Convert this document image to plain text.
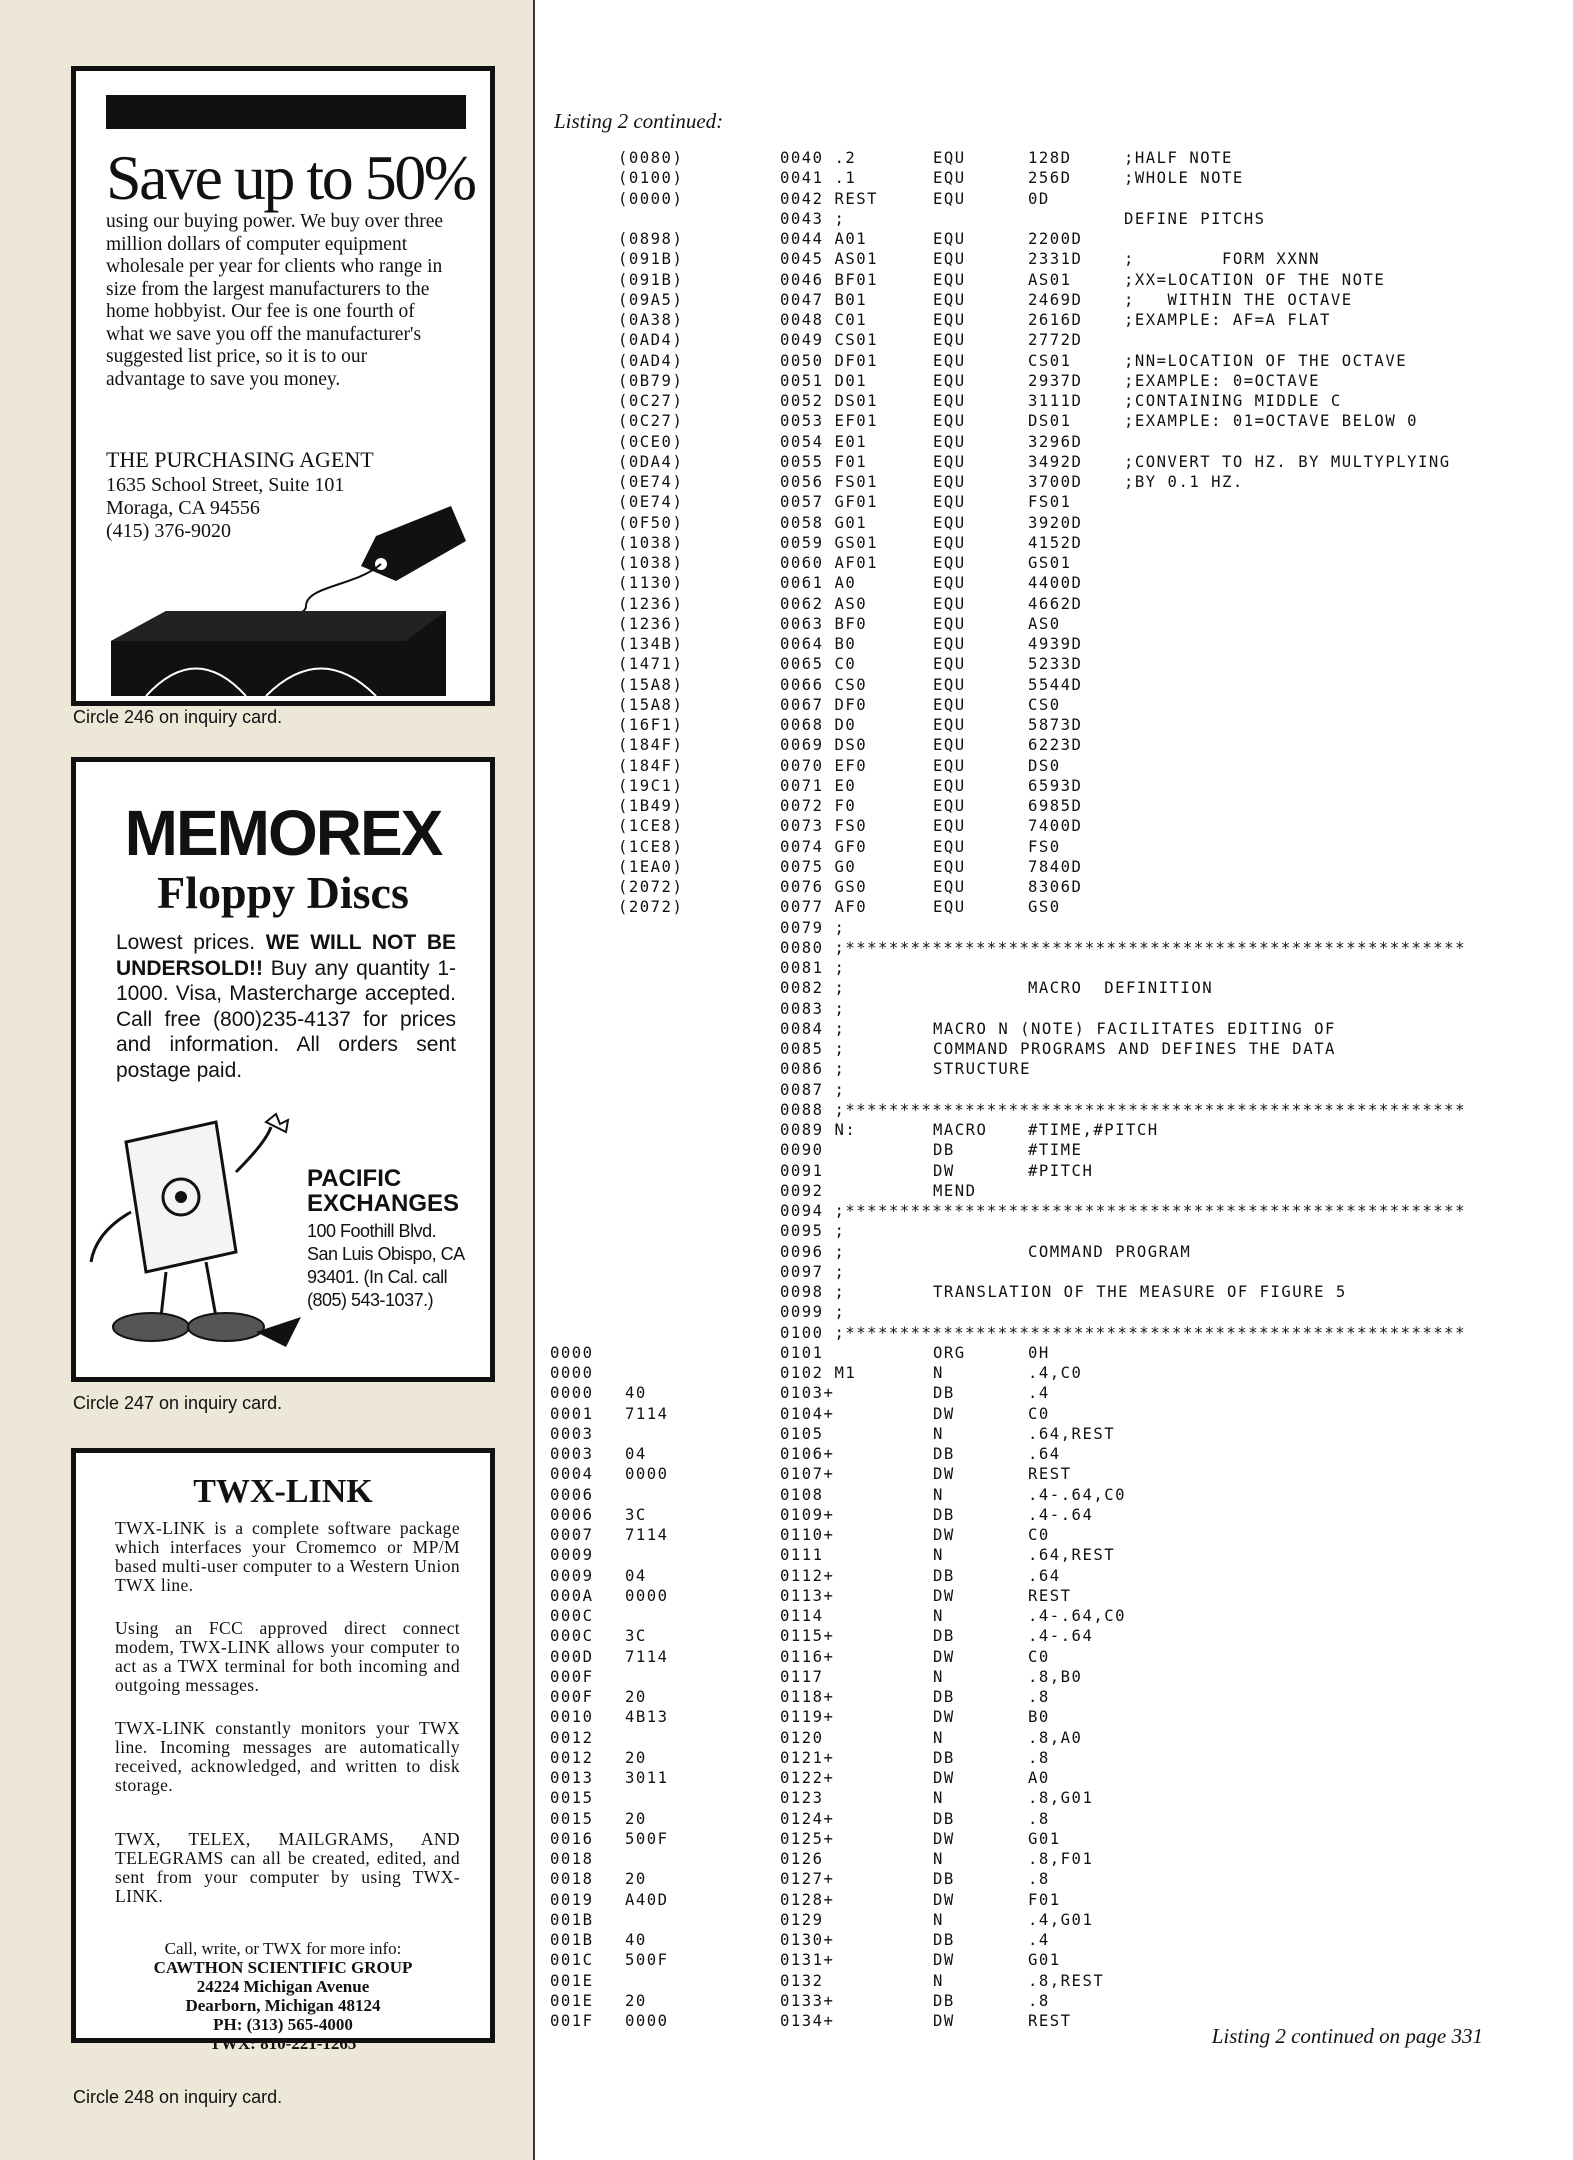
Save up to 50%
using our buying power. We buy over three million dollars of computer equipment wholesale per year for clients who range in size from the largest manufacturers to the home hobbyist. Our fee is one fourth of what we save you off the manufacturer's suggested list price, so it is to our advantage to save you money.
THE PURCHASING AGENT
1635 School Street, Suite 101
Moraga, CA 94556
(415) 376-9020
Circle 246 on inquiry card.
MEMOREX
Floppy Discs
Lowest prices. WE WILL NOT BE UNDERSOLD!! Buy any quantity 1-1000. Visa, Mastercharge accepted. Call free (800)235-4137 for prices and information. All orders sent postage paid.
PACIFIC
EXCHANGES
100 Foothill Blvd.
San Luis Obispo, CA
93401. (In Cal. call
(805) 543-1037.)
Circle 247 on inquiry card.
TWX-LINK
TWX-LINK is a complete software package which interfaces your Cromemco or MP/M based multi-user computer to a Western Union TWX line.
Using an FCC approved direct connect modem, TWX-LINK allows your computer to act as a TWX terminal for both incoming and outgoing messages.
TWX-LINK constantly monitors your TWX line. Incoming messages are automatically received, acknowledged, and written to disk storage.
TWX, TELEX, MAILGRAMS, AND TELEGRAMS can all be created, edited, and sent from your computer by using TWX-LINK.
Call, write, or TWX for more info:
CAWTHON SCIENTIFIC GROUP
24224 Michigan Avenue
Dearborn, Michigan 48124
PH: (313) 565-4000
TWX: 810-221-1265
Circle 248 on inquiry card.
Listing 2 continued:
(0080)	0040 .2	EQU	128D	;HALF NOTE
(0100)	0041 .1	EQU	256D	;WHOLE NOTE
(0000)	0042 REST	EQU	0D
0043 ;	DEFINE PITCHS
(0898)	0044 A01	EQU	2200D
(091B)	0045 AS01	EQU	2331D	;        FORM XXNN
(091B)	0046 BF01	EQU	AS01	;XX=LOCATION OF THE NOTE
(09A5)	0047 B01	EQU	2469D	;   WITHIN THE OCTAVE
(0A38)	0048 C01	EQU	2616D	;EXAMPLE: AF=A FLAT
(0AD4)	0049 CS01	EQU	2772D
(0AD4)	0050 DF01	EQU	CS01	;NN=LOCATION OF THE OCTAVE
(0B79)	0051 D01	EQU	2937D	;EXAMPLE: 0=OCTAVE
(0C27)	0052 DS01	EQU	3111D	;CONTAINING MIDDLE C
(0C27)	0053 EF01	EQU	DS01	;EXAMPLE: 01=OCTAVE BELOW 0
(0CE0)	0054 E01	EQU	3296D
(0DA4)	0055 F01	EQU	3492D	;CONVERT TO HZ. BY MULTYPLYING
(0E74)	0056 FS01	EQU	3700D	;BY 0.1 HZ.
(0E74)	0057 GF01	EQU	FS01
(0F50)	0058 G01	EQU	3920D
(1038)	0059 GS01	EQU	4152D
(1038)	0060 AF01	EQU	GS01
(1130)	0061 A0	EQU	4400D
(1236)	0062 AS0	EQU	4662D
(1236)	0063 BF0	EQU	AS0
(134B)	0064 B0	EQU	4939D
(1471)	0065 C0	EQU	5233D
(15A8)	0066 CS0	EQU	5544D
(15A8)	0067 DF0	EQU	CS0
(16F1)	0068 D0	EQU	5873D
(184F)	0069 DS0	EQU	6223D
(184F)	0070 EF0	EQU	DS0
(19C1)	0071 E0	EQU	6593D
(1B49)	0072 F0	EQU	6985D
(1CE8)	0073 FS0	EQU	7400D
(1CE8)	0074 GF0	EQU	FS0
(1EA0)	0075 G0	EQU	7840D
(2072)	0076 GS0	EQU	8306D
(2072)	0077 AF0	EQU	GS0
0079 ;
0080 ;*********************************************************
0081 ;
0082 ;	MACRO  DEFINITION
0083 ;
0084 ;	MACRO N (NOTE) FACILITATES EDITING OF
0085 ;	COMMAND PROGRAMS AND DEFINES THE DATA
0086 ;	STRUCTURE
0087 ;
0088 ;*********************************************************
0089 N:	MACRO	#TIME,#PITCH
0090	DB	#TIME
0091	DW	#PITCH
0092	MEND
0094 ;*********************************************************
0095 ;
0096 ;	COMMAND PROGRAM
0097 ;
0098 ;	TRANSLATION OF THE MEASURE OF FIGURE 5
0099 ;
0100 ;*********************************************************
0000	0101	ORG	0H
0000	0102 M1	N	.4,C0
0000 40	0103+	DB	.4
0001 7114	0104+	DW	C0
0003	0105	N	.64,REST
0003 04	0106+	DB	.64
0004 0000	0107+	DW	REST
0006	0108	N	.4-.64,C0
0006 3C	0109+	DB	.4-.64
0007 7114	0110+	DW	C0
0009	0111	N	.64,REST
0009 04	0112+	DB	.64
000A 0000	0113+	DW	REST
000C	0114	N	.4-.64,C0
000C 3C	0115+	DB	.4-.64
000D 7114	0116+	DW	C0
000F	0117	N	.8,B0
000F 20	0118+	DB	.8
0010 4B13	0119+	DW	B0
0012	0120	N	.8,A0
0012 20	0121+	DB	.8
0013 3011	0122+	DW	A0
0015	0123	N	.8,G01
0015 20	0124+	DB	.8
0016 500F	0125+	DW	G01
0018	0126	N	.8,F01
0018 20	0127+	DB	.8
0019 A40D	0128+	DW	F01
001B	0129	N	.4,G01
001B 40	0130+	DB	.4
001C 500F	0131+	DW	G01
001E	0132	N	.8,REST
001E 20	0133+	DB	.8
001F 0000	0134+	DW	REST
Listing 2 continued on page 331
